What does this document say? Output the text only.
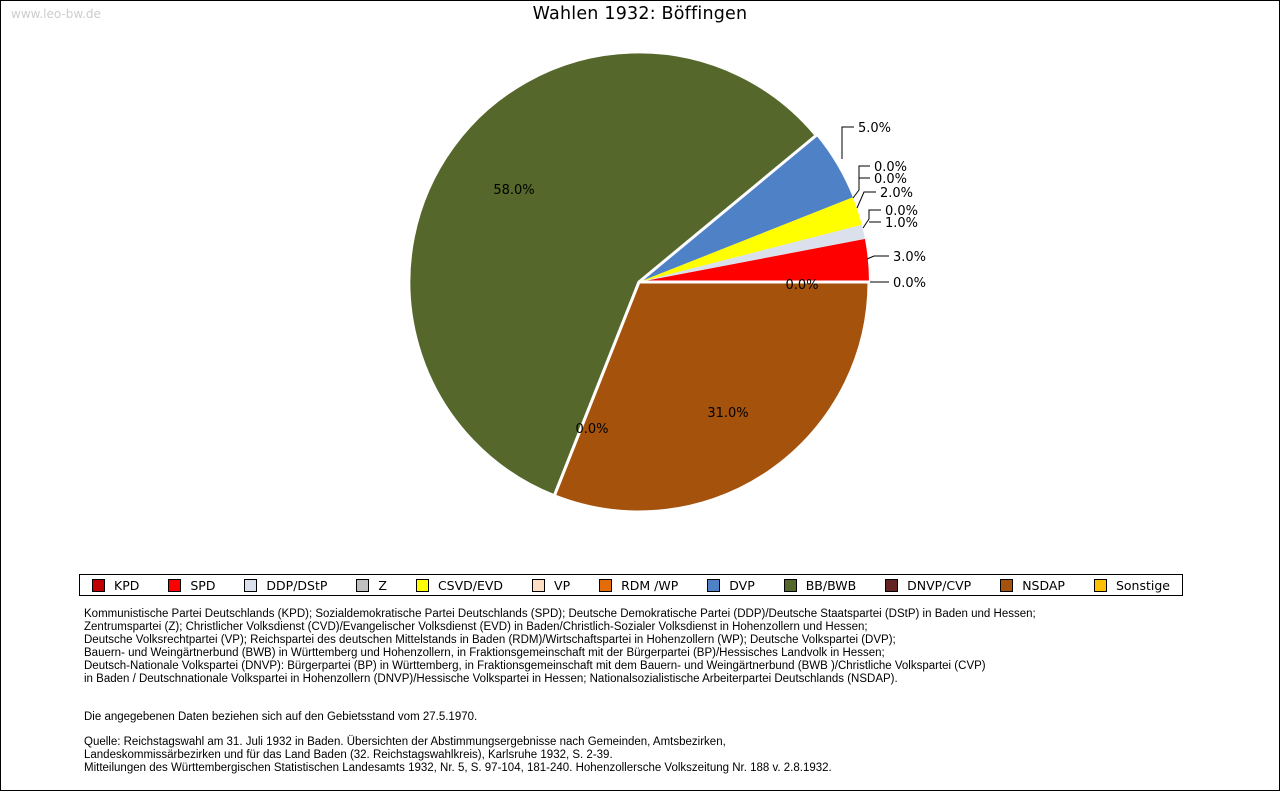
www.leo-bw.de	Wahlen 1932: Böffingen
58.0%
31.0%
0.0%
0.0%
5.0%
0.0%
0.0%
2.0%
0.0%
1.0%
3.0%
0.0%
KPD	SPD	DDP/DStP	Z	CSVD/EVD	VP	RDM /WP	DVP	BB/BWB	DNVP/CVP	NSDAP	Sonstige
Kommunistische Partei Deutschlands (KPD); Sozialdemokratische Partei Deutschlands (SPD); Deutsche Demokratische Partei (DDP)/Deutsche Staatspartei (DStP) in Baden und Hessen;
Zentrumspartei (Z); Christlicher Volksdienst (CVD)/Evangelischer Volksdienst (EVD) in Baden/Christlich-Sozialer Volksdienst in Hohenzollern und Hessen;
Deutsche Volksrechtpartei (VP); Reichspartei des deutschen Mittelstands in Baden (RDM)/Wirtschaftspartei in Hohenzollern (WP); Deutsche Volkspartei (DVP);
Bauern- und Weingärtnerbund (BWB) in Württemberg und Hohenzollern, in Fraktionsgemeinschaft mit der Bürgerpartei (BP)/Hessisches Landvolk in Hessen;
Deutsch-Nationale Volkspartei (DNVP): Bürgerpartei (BP) in Württemberg, in Fraktionsgemeinschaft mit dem Bauern- und Weingärtnerbund (BWB )/Christliche Volkspartei (CVP)
in Baden / Deutschnationale Volkspartei in Hohenzollern (DNVP)/Hessische Volkspartei in Hessen; Nationalsozialistische Arbeiterpartei Deutschlands (NSDAP).
Die angegebenen Daten beziehen sich auf den Gebietsstand vom 27.5.1970.
Quelle: Reichstagswahl am 31. Juli 1932 in Baden. Übersichten der Abstimmungsergebnisse nach Gemeinden, Amtsbezirken,
Landeskommissärbezirken und für das Land Baden (32. Reichstagswahlkreis), Karlsruhe 1932, S. 2-39.
Mitteilungen des Württembergischen Statistischen Landesamts 1932, Nr. 5, S. 97-104, 181-240. Hohenzollersche Volkszeitung Nr. 188 v. 2.8.1932.
